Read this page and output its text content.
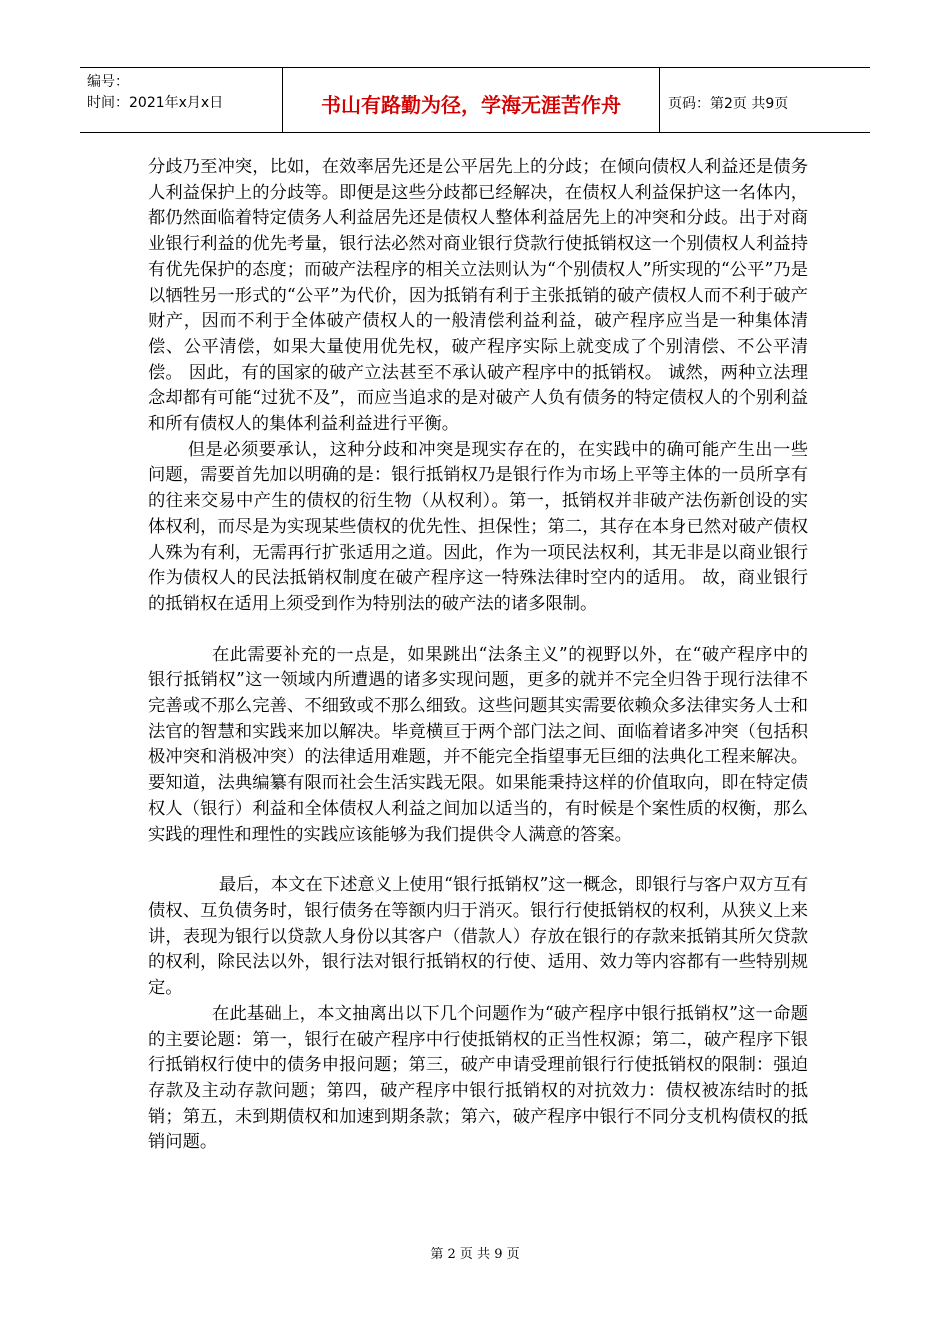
编号：
时间：2021年x月x日	书山有路勤为径，学海无涯苦作舟	页码：第2页 共9页

分歧乃至冲突，比如，在效率居先还是公平居先上的分歧；在倾向债权人利益还是债务人利益保护上的分歧等。即便是这些分歧都已经解决，在债权人利益保护这一名体内，都仍然面临着特定债务人利益居先还是债权人整体利益居先上的冲突和分歧。出于对商业银行利益的优先考量，银行法必然对商业银行贷款行使抵销权这一个别债权人利益持有优先保护的态度；而破产法程序的相关立法则认为“个别债权人”所实现的“公平”乃是以牺牲另一形式的“公平”为代价，因为抵销有利于主张抵销的破产债权人而不利于破产财产，因而不利于全体破产债权人的一般清偿利益利益，破产程序应当是一种集体清偿、公平清偿，如果大量使用优先权，破产程序实际上就变成了个别清偿、不公平清偿。 因此，有的国家的破产立法甚至不承认破产程序中的抵销权。 诚然，两种立法理念却都有可能“过犹不及”，而应当追求的是对破产人负有债务的特定债权人的个别利益和所有债权人的集体利益利益进行平衡。

但是必须要承认，这种分歧和冲突是现实存在的，在实践中的确可能产生出一些问题，需要首先加以明确的是：银行抵销权乃是银行作为市场上平等主体的一员所享有的往来交易中产生的债权的衍生物（从权利）。第一，抵销权并非破产法伤新创设的实体权利，而尽是为实现某些债权的优先性、担保性；第二，其存在本身已然对破产债权人殊为有利，无需再行扩张适用之道。因此，作为一项民法权利，其无非是以商业银行作为债权人的民法抵销权制度在破产程序这一特殊法律时空内的适用。 故，商业银行的抵销权在适用上须受到作为特别法的破产法的诸多限制。

在此需要补充的一点是，如果跳出“法条主义”的视野以外，在“破产程序中的银行抵销权”这一领域内所遭遇的诸多实现问题，更多的就并不完全归咎于现行法律不完善或不那么完善、不细致或不那么细致。这些问题其实需要依赖众多法律实务人士和法官的智慧和实践来加以解决。毕竟横亘于两个部门法之间、面临着诸多冲突（包括积极冲突和消极冲突）的法律适用难题，并不能完全指望事无巨细的法典化工程来解决。要知道，法典编纂有限而社会生活实践无限。如果能秉持这样的价值取向，即在特定债权人（银行）利益和全体债权人利益之间加以适当的，有时候是个案性质的权衡，那么实践的理性和理性的实践应该能够为我们提供令人满意的答案。

最后，本文在下述意义上使用“银行抵销权”这一概念，即银行与客户双方互有债权、互负债务时，银行债务在等额内归于消灭。银行行使抵销权的权利，从狭义上来讲，表现为银行以贷款人身份以其客户（借款人）存放在银行的存款来抵销其所欠贷款的权利，除民法以外，银行法对银行抵销权的行使、适用、效力等内容都有一些特别规定。

在此基础上，本文抽离出以下几个问题作为“破产程序中银行抵销权”这一命题的主要论题：第一，银行在破产程序中行使抵销权的正当性权源；第二，破产程序下银行抵销权行使中的债务申报问题；第三，破产申请受理前银行行使抵销权的限制：强迫存款及主动存款问题；第四，破产程序中银行抵销权的对抗效力：债权被冻结时的抵销；第五，未到期债权和加速到期条款；第六，破产程序中银行不同分支机构债权的抵销问题。

第 2 页 共 9 页
